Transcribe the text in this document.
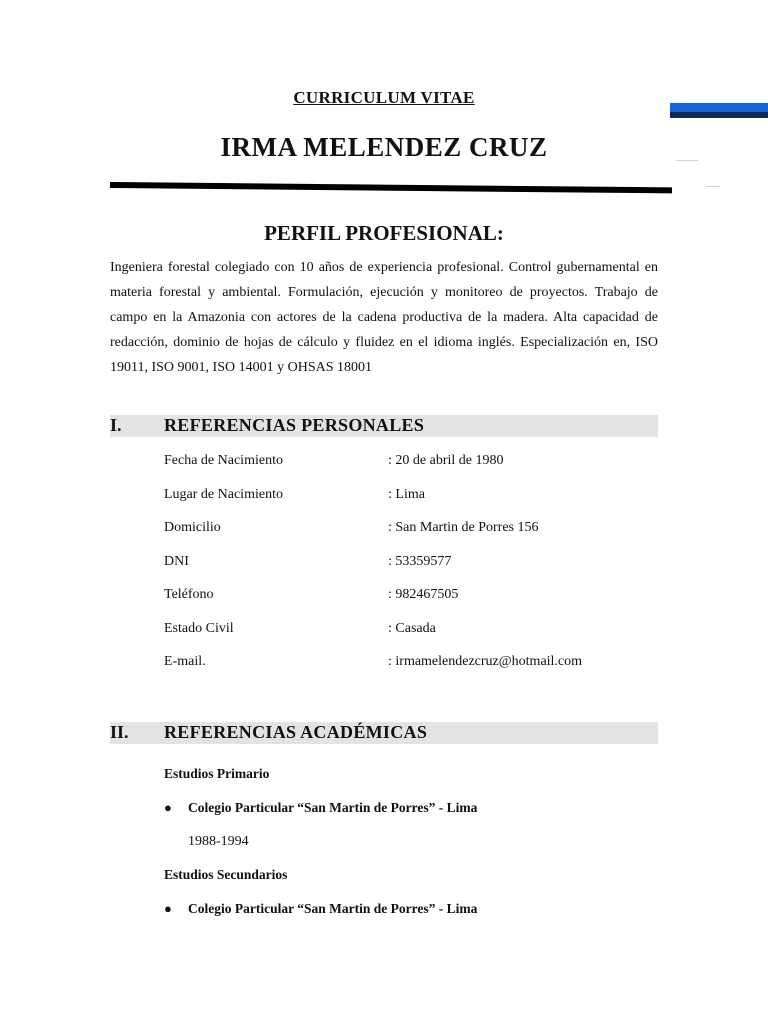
CURRICULUM VITAE
IRMA MELENDEZ CRUZ
PERFIL PROFESIONAL:
Ingeniera forestal colegiado con 10 años de experiencia profesional. Control gubernamental en materia forestal y ambiental. Formulación, ejecución y monitoreo de proyectos. Trabajo de campo en la Amazonia con actores de la cadena productiva de la madera. Alta capacidad de redacción, dominio de hojas de cálculo y fluidez en el idioma inglés. Especialización en, ISO 19011, ISO 9001, ISO 14001 y OHSAS 18001
I. REFERENCIAS PERSONALES
Fecha de Nacimiento	: 20 de abril de 1980
Lugar de Nacimiento	: Lima
Domicilio	: San Martin de Porres 156
DNI	: 53359577
Teléfono	: 982467505
Estado Civil	: Casada
E-mail.	: irmamelendezcruz@hotmail.com
II. REFERENCIAS ACADÉMICAS
Estudios Primario
● Colegio Particular “San Martin de Porres” - Lima
1988-1994
Estudios Secundarios
● Colegio Particular “San Martin de Porres” - Lima
